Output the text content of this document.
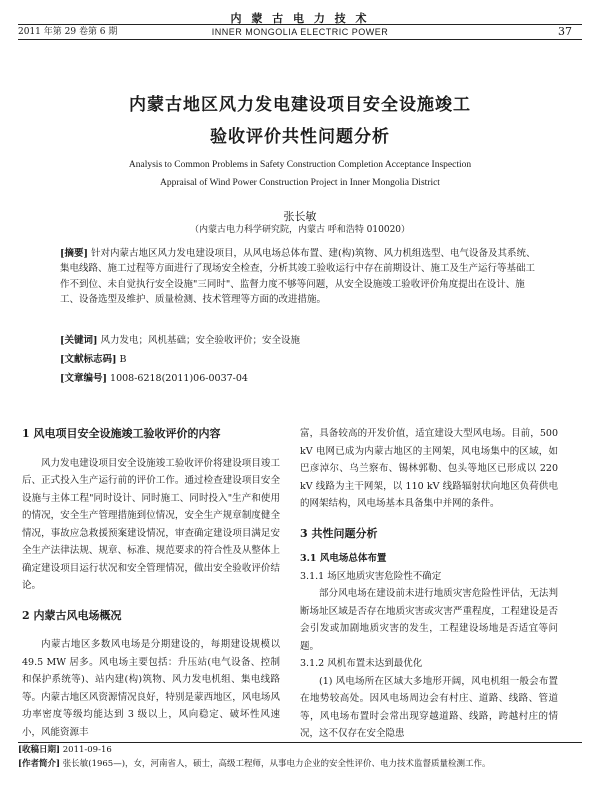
内 蒙 古 电 力 技 术
2011 年第 29 卷第 6 期	INNER MONGOLIA ELECTRIC POWER	37
内蒙古地区风力发电建设项目安全设施竣工
验收评价共性问题分析
Analysis to Common Problems in Safety Construction Completion Acceptance Inspection
Appraisal of Wind Power Construction Project in Inner Mongolia District
张长敏
（内蒙古电力科学研究院，内蒙古 呼和浩特 010020）

[摘要] 针对内蒙古地区风力发电建设项目，从风电场总体布置、建(构)筑物、风力机组选型、电气设备及其系统、集电线路、施工过程等方面进行了现场安全检查，分析其竣工验收运行中存在前期设计、施工及生产运行等基础工作不到位、未自觉执行安全设施"三同时"、监督力度不够等问题，从安全设施竣工验收评价角度提出在设计、施工、设备选型及维护、质量检测、技术管理等方面的改进措施。

[关键词] 风力发电；风机基础；安全验收评价；安全设施
[文献标志码] B
[文章编号] 1008-6218(2011)06-0037-04
1 风电项目安全设施竣工验收评价的内容

风力发电建设项目安全设施竣工验收评价将建设项目竣工后、正式投入生产运行前的评价工作。通过检查建设项目安全设施与主体工程"同时设计、同时施工、同时投入"生产和使用的情况，安全生产管理措施到位情况，安全生产规章制度健全情况，事故应急救援预案建设情况，审查确定建设项目满足安全生产法律法规、规章、标准、规范要求的符合性及从整体上确定建设项目运行状况和安全管理情况，做出安全验收评价结论。

2 内蒙古风电场概况

内蒙古地区多数风电场是分期建设的，每期建设规模以 49.5 MW 居多。风电场主要包括：升压站(电气设备、控制和保护系统等)、站内建(构)筑物、风力发电机组、集电线路等。内蒙古地区风资源情况良好，特别是蒙西地区，风电场风功率密度等级均能达到 3 级以上，风向稳定、破坏性风速小，风能资源丰

富，具备较高的开发价值，适宜建设大型风电场。目前，500 kV 电网已成为内蒙古地区的主网架，风电场集中的区域，如巴彦淖尔、乌兰察布、锡林郭勒、包头等地区已形成以 220 kV 线路为主干网架，以 110 kV 线路辐射状向地区负荷供电的网架结构，风电场基本具备集中并网的条件。

3 共性问题分析
3.1 风电场总体布置
3.1.1 场区地质灾害危险性不确定

部分风电场在建设前未进行地质灾害危险性评估，无法判断场址区域是否存在地质灾害或灾害严重程度，工程建设是否会引发或加剧地质灾害的发生，工程建设场地是否适宜等问题。

3.1.2 风机布置未达到最优化

(1) 风电场所在区域大多地形开阔，风电机组一般会布置在地势较高处。因风电场周边会有村庄、道路、线路、管道等，风电场布置时会常出现穿越道路、线路，跨越村庄的情况，这不仅存在安全隐患

[收稿日期] 2011-09-16
[作者简介] 张长敏(1965—)，女，河南省人，硕士，高级工程师，从事电力企业的安全性评价、电力技术监督质量检测工作。
